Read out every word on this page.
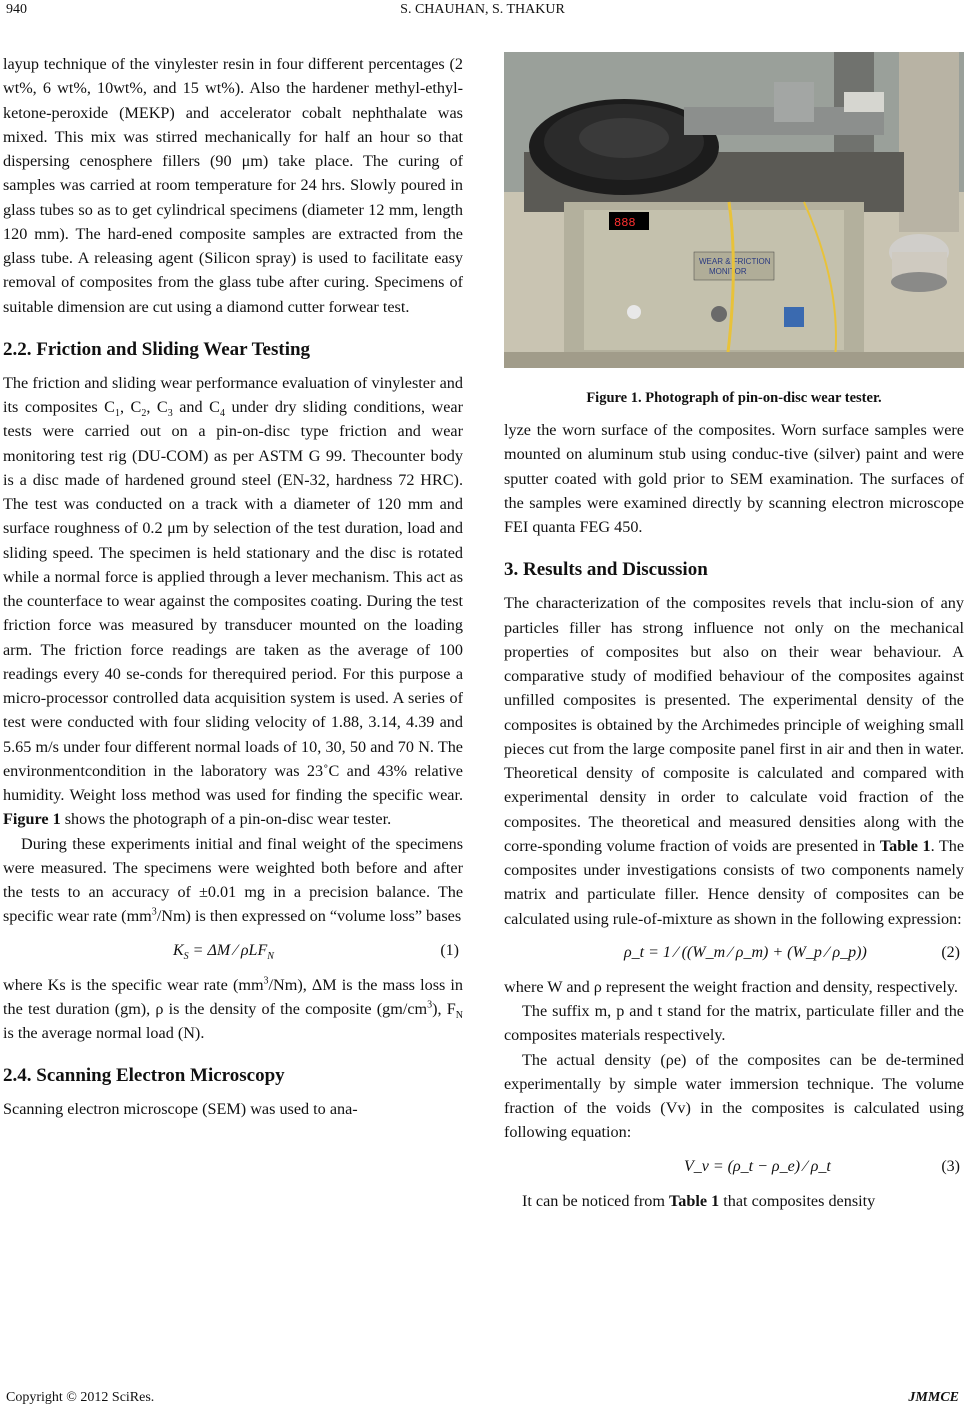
940	S. CHAUHAN, S. THAKUR

layup technique of the vinylester resin in four different percentages (2 wt%, 6 wt%, 10wt%, and 15 wt%). Also the hardener methyl-ethyl-ketone-peroxide (MEKP) and accelerator cobalt nephthalate was mixed. This mix was stirred mechanically for half an hour so that dispersing cenosphere fillers (90 μm) take place. The curing of samples was carried at room temperature for 24 hrs. Slowly poured in glass tubes so as to get cylindrical specimens (diameter 12 mm, length 120 mm). The hard-ened composite samples are extracted from the glass tube. A releasing agent (Silicon spray) is used to facilitate easy removal of composites from the glass tube after curing. Specimens of suitable dimension are cut using a diamond cutter forwear test.

2.2. Friction and Sliding Wear Testing

The friction and sliding wear performance evaluation of vinylester and its composites $C_1$, $C_2$, $C_3$ and $C_4$ under dry sliding conditions, wear tests were carried out on a pin-on-disc type friction and wear monitoring test rig (DU-COM) as per ASTM G 99. Thecounter body is a disc made of hardened ground steel (EN-32, hardness 72 HRC). The test was conducted on a track with a diameter of 120 mm and surface roughness of 0.2 μm by selection of the test duration, load and sliding speed. The specimen is held stationary and the disc is rotated while a normal force is applied through a lever mechanism. This act as the counterface to wear against the composites coating. During the test friction force was measured by transducer mounted on the loading arm. The friction force readings are taken as the average of 100 readings every 40 se-conds for therequired period. For this purpose a micro-processor controlled data acquisition system is used. A series of test were conducted with four sliding velocity of 1.88, 3.14, 4.39 and 5.65 m/s under four different normal loads of 10, 30, 50 and 70 N. The environmentcondition in the laboratory was 23˚C and 43% relative humidity. Weight loss method was used for finding the specific wear. Figure 1 shows the photograph of a pin-on-disc wear tester.

During these experiments initial and final weight of the specimens were measured. The specimens were weighted both before and after the tests to an accuracy of ±0.01 mg in a precision balance. The specific wear rate $(mm^3/Nm)$ is then expressed on “volume loss” bases

$K_S = \Delta M$ ⁄ ρLF$_N$	(1)

where Ks is the specific wear rate $(mm^3/Nm)$, ΔM is the mass loss in the test duration (gm), ρ is the density of the composite $(gm/cm^3)$, $F_N$ is the average normal load (N).

2.4. Scanning Electron Microscopy

Scanning electron microscope (SEM) was used to ana-

888
WEAR & FRICTION
MONITOR
Figure 1. Photograph of pin-on-disc wear tester.

lyze the worn surface of the composites. Worn surface samples were mounted on aluminum stub using conduc-tive (silver) paint and were sputter coated with gold prior to SEM examination. The surfaces of the samples were examined directly by scanning electron microscope FEI quanta FEG 450.

3. Results and Discussion

The characterization of the composites revels that inclu-sion of any particles filler has strong influence not only on the mechanical properties of composites but also on their wear behaviour. A comparative study of modified behaviour of the composites against unfilled composites is presented. The experimental density of the composites is obtained by the Archimedes principle of weighing small pieces cut from the large composite panel first in air and then in water. Theoretical density of composite is calculated and compared with experimental density in order to calculate void fraction of the composites. The theoretical and measured densities along with the corre-sponding volume fraction of voids are presented in Table 1. The composites under investigations consists of two components namely matrix and particulate filler. Hence density of composites can be calculated using rule-of-mixture as shown in the following expression:

ρ_t = 1 ⁄ ((W_m ⁄ ρ_m) + (W_p ⁄ ρ_p))	(2)

where W and ρ represent the weight fraction and density, respectively.

The suffix m, p and t stand for the matrix, particulate filler and the composites materials respectively.

The actual density (ρe) of the composites can be de-termined experimentally by simple water immersion technique. The volume fraction of the voids (Vv) in the composites is calculated using following equation:

V_v = (ρ_t − ρ_e) ⁄ ρ_t	(3)

It can be noticed from Table 1 that composites density

Copyright © 2012 SciRes.	JMMCE
